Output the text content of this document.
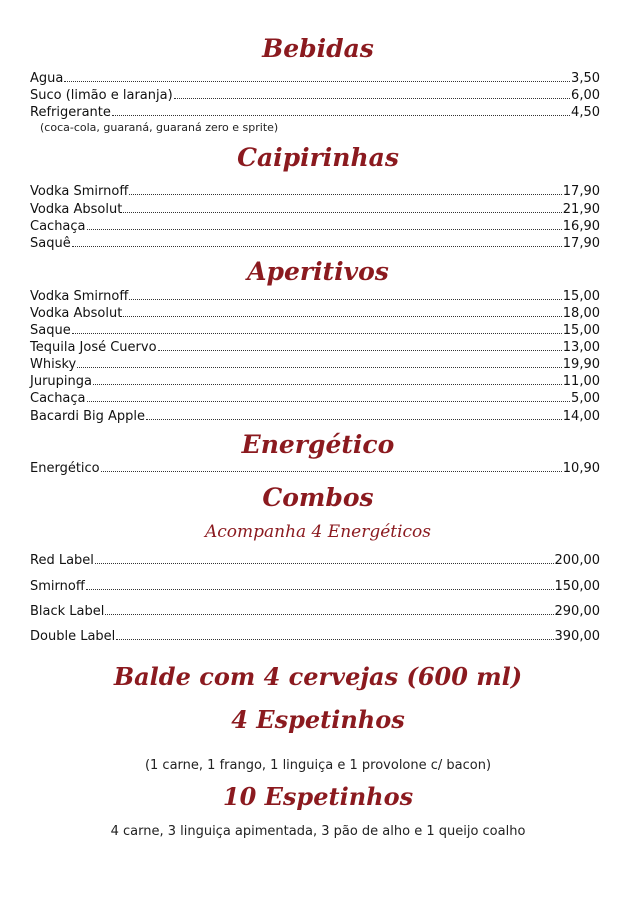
Bebidas
Agua	3,50
Suco (limão e laranja)	6,00
Refrigerante	4,50
(coca-cola, guaraná, guaraná zero e sprite)
Caipirinhas
Vodka Smirnoff	17,90
Vodka Absolut	21,90
Cachaça	16,90
Saquê	17,90
Aperitivos
Vodka Smirnoff	15,00
Vodka Absolut	18,00
Saque	15,00
Tequila José Cuervo	13,00
Whisky	19,90
Jurupinga	11,00
Cachaça	5,00
Bacardi Big Apple	14,00
Energético
Energético	10,90
Combos
Acompanha 4 Energéticos
Red Label	200,00
Smirnoff	150,00
Black Label	290,00
Double Label	390,00
Balde com 4 cervejas (600 ml)
4 Espetinhos
(1 carne, 1 frango, 1 linguiça e 1 provolone c/ bacon)
10 Espetinhos
4 carne, 3 linguiça apimentada, 3 pão de alho e 1 queijo coalho
